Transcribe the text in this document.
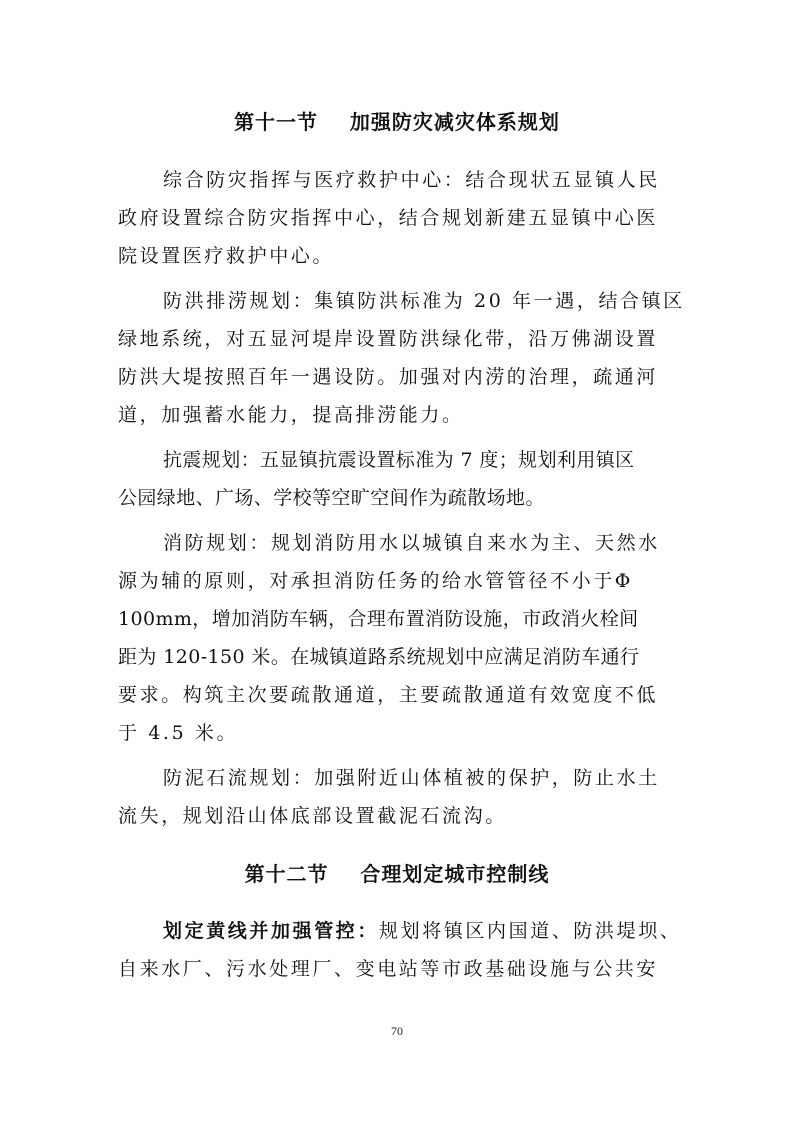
第十一节    加强防灾减灾体系规划
综合防灾指挥与医疗救护中心：结合现状五显镇人民
政府设置综合防灾指挥中心，结合规划新建五显镇中心医
院设置医疗救护中心。
防洪排涝规划：集镇防洪标准为 20 年一遇，结合镇区
绿地系统，对五显河堤岸设置防洪绿化带，沿万佛湖设置
防洪大堤按照百年一遇设防。加强对内涝的治理，疏通河
道，加强蓄水能力，提高排涝能力。
抗震规划：五显镇抗震设置标准为 7 度；规划利用镇区
公园绿地、广场、学校等空旷空间作为疏散场地。
消防规划：规划消防用水以城镇自来水为主、天然水
源为辅的原则，对承担消防任务的给水管管径不小于Φ
100mm，增加消防车辆，合理布置消防设施，市政消火栓间
距为 120-150 米。在城镇道路系统规划中应满足消防车通行
要求。构筑主次要疏散通道，主要疏散通道有效宽度不低
于 4.5 米。
防泥石流规划：加强附近山体植被的保护，防止水土
流失，规划沿山体底部设置截泥石流沟。
第十二节    合理划定城市控制线
划定黄线并加强管控：规划将镇区内国道、防洪堤坝、
自来水厂、污水处理厂、变电站等市政基础设施与公共安
70
